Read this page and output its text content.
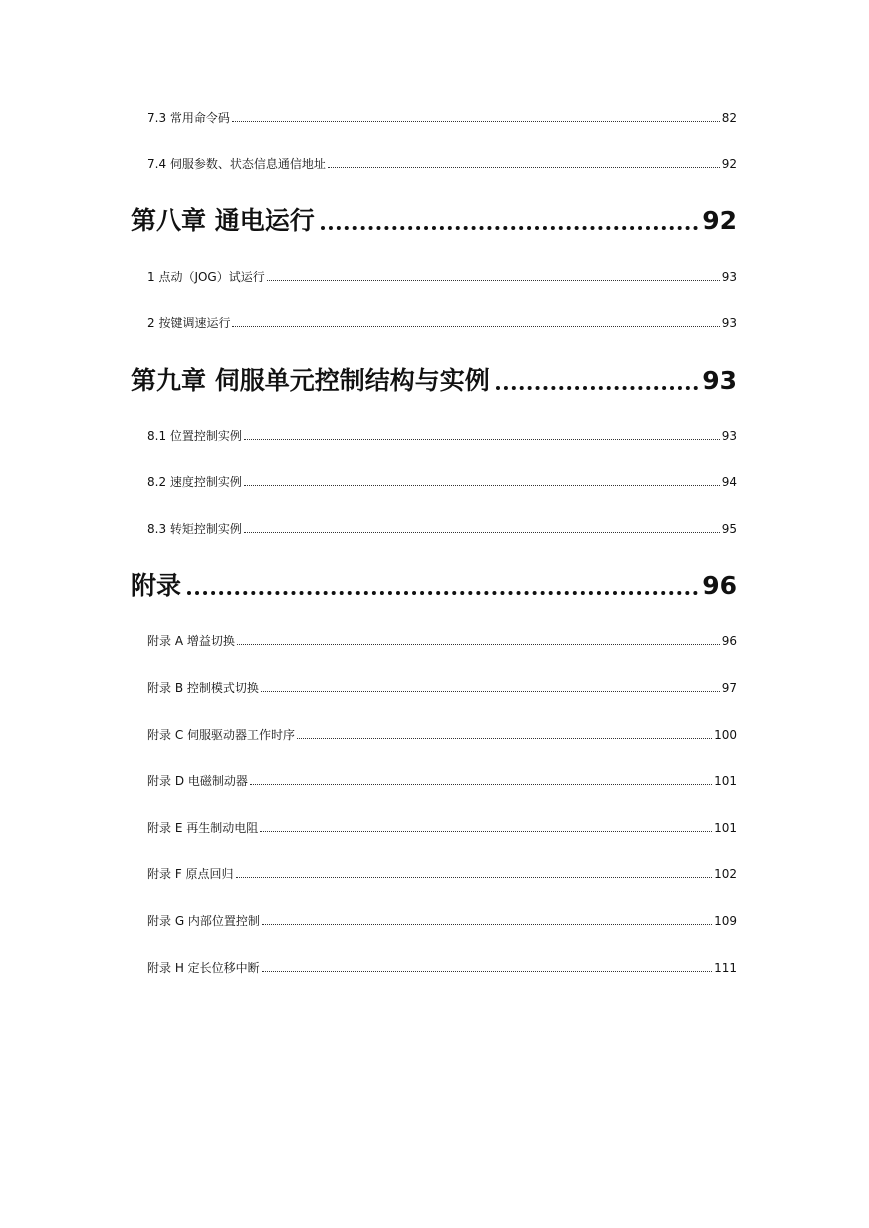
7.3 常用命令码	82
7.4 伺服参数、状态信息通信地址	92
第八章 通电运行	92
1 点动（JOG）试运行	93
2 按键调速运行	93
第九章 伺服单元控制结构与实例	93
8.1 位置控制实例	93
8.2 速度控制实例	94
8.3 转矩控制实例	95
附录	96
附录 A 增益切换	96
附录 B 控制模式切换	97
附录 C 伺服驱动器工作时序	100
附录 D 电磁制动器	101
附录 E 再生制动电阻	101
附录 F 原点回归	102
附录 G 内部位置控制	109
附录 H 定长位移中断	111
